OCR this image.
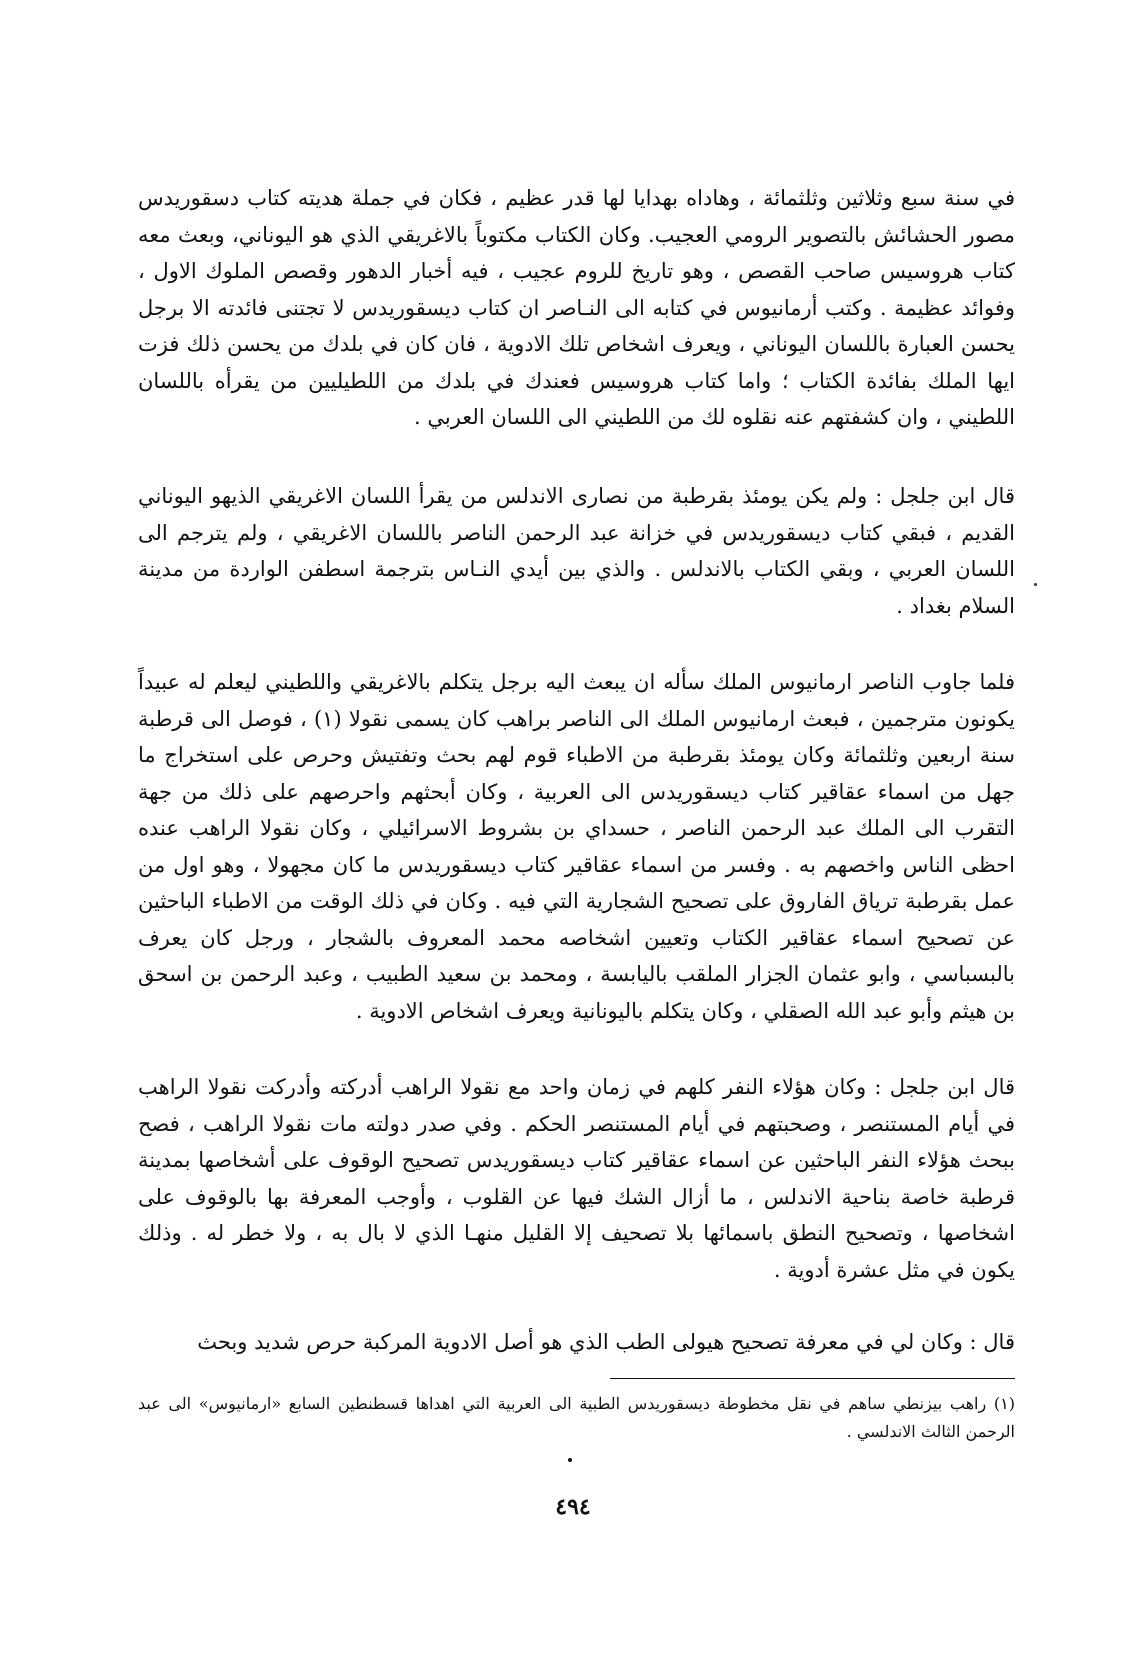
في سنة سبع وثلاثين وثلثمائة ، وهاداه بهدايا لها قدر عظيم ، فكان في جملة هديته كتاب دسقوريدس مصور الحشائش بالتصوير الرومي العجيب. وكان الكتاب مكتوباً بالاغريقي الذي هو اليوناني، وبعث معه كتاب هروسيس صاحب القصص ، وهو تاريخ للروم عجيب ، فيه أخبار الدهور وقصص الملوك الاول ، وفوائد عظيمة . وكتب أرمانيوس في كتابه الى النـاصر ان كتاب ديسقوريدس لا تجتنى فائدته الا برجل يحسن العبارة باللسان اليوناني ، ويعرف اشخاص تلك الادوية ، فان كان في بلدك من يحسن ذلك فزت ايها الملك بفائدة الكتاب ؛ واما كتاب هروسيس فعندك في بلدك من اللطيليين من يقرأه باللسان اللطيني ، وان كشفتهم عنه نقلوه لك من اللطيني الى اللسان العربي .

قال ابن جلجل : ولم يكن يومئذ بقرطبة من نصارى الاندلس من يقرأ اللسان الاغريقي الذيهو اليوناني القديم ، فبقي كتاب ديسقوريدس في خزانة عبد الرحمن الناصر باللسان الاغريقي ، ولم يترجم الى اللسان العربي ، وبقي الكتاب بالاندلس . والذي بين أيدي النـاس بترجمة اسطفن الواردة من مدينة السلام بغداد .

فلما جاوب الناصر ارمانيوس الملك سأله ان يبعث اليه برجل يتكلم بالاغريقي واللطيني ليعلم له عبيداً يكونون مترجمين ، فبعث ارمانيوس الملك الى الناصر براهب كان يسمى نقولا (١) ، فوصل الى قرطبة سنة اربعين وثلثمائة وكان يومئذ بقرطبة من الاطباء قوم لهم بحث وتفتيش وحرص على استخراج ما جهل من اسماء عقاقير كتاب ديسقوريدس الى العربية ، وكان أبحثهم واحرصهم على ذلك من جهة التقرب الى الملك عبد الرحمن الناصر ، حسداي بن بشروط الاسرائيلي ، وكان نقولا الراهب عنده احظى الناس واخصهم به . وفسر من اسماء عقاقير كتاب ديسقوريدس ما كان مجهولا ، وهو اول من عمل بقرطبة ترياق الفاروق على تصحيح الشجارية التي فيه . وكان في ذلك الوقت من الاطباء الباحثين عن تصحيح اسماء عقاقير الكتاب وتعيين اشخاصه محمد المعروف بالشجار ، ورجل كان يعرف بالبسباسي ، وابو عثمان الجزار الملقب باليابسة ، ومحمد بن سعيد الطبيب ، وعبد الرحمن بن اسحق بن هيثم وأبو عبد الله الصقلي ، وكان يتكلم باليونانية ويعرف اشخاص الادوية .

قال ابن جلجل : وكان هؤلاء النفر كلهم في زمان واحد مع نقولا الراهب أدركته وأدركت نقولا الراهب في أيام المستنصر ، وصحبتهم في أيام المستنصر الحكم . وفي صدر دولته مات نقولا الراهب ، فصح ببحث هؤلاء النفر الباحثين عن اسماء عقاقير كتاب ديسقوريدس تصحيح الوقوف على أشخاصها بمدينة قرطبة خاصة بناحية الاندلس ، ما أزال الشك فيها عن القلوب ، وأوجب المعرفة بها بالوقوف على اشخاصها ، وتصحيح النطق باسمائها بلا تصحيف إلا القليل منهـا الذي لا بال به ، ولا خطر له . وذلك يكون في مثل عشرة أدوية .

قال : وكان لي في معرفة تصحيح هيولى الطب الذي هو أصل الادوية المركبة حرص شديد وبحث

(١) راهب بيزنطي ساهم في نقل مخطوطة ديسقوريدس الطبية الى العربية التي اهداها قسطنطين السابع «ارمانيوس» الى عبد الرحمن الثالث الاندلسي .

٤٩٤
